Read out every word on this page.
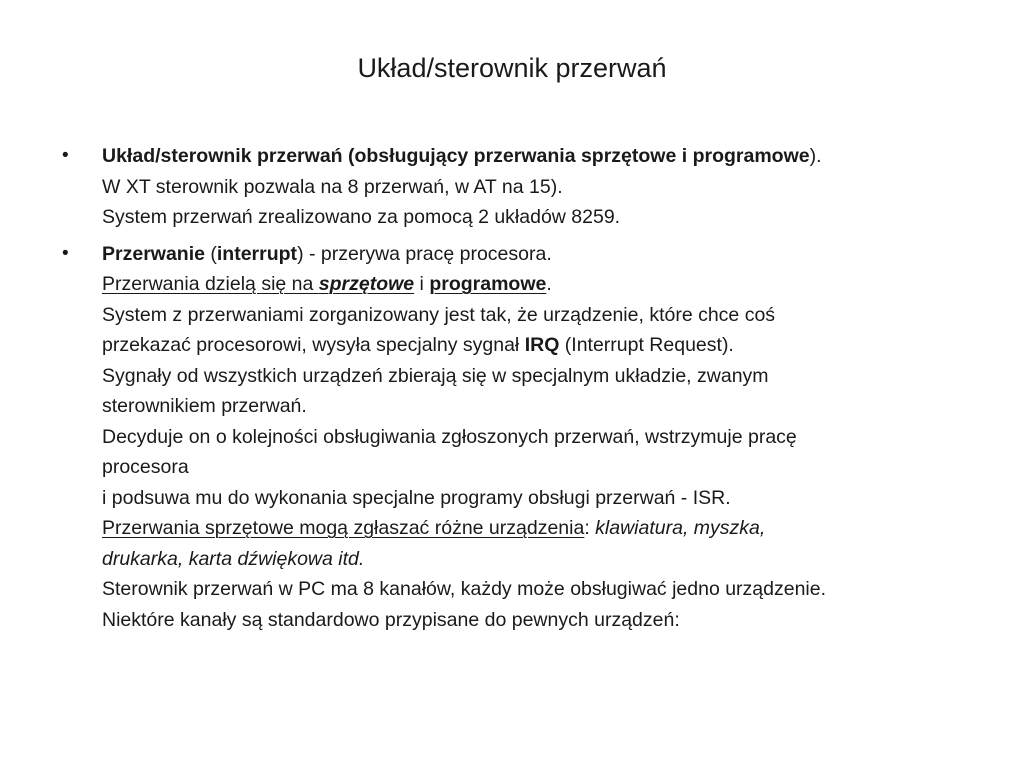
Układ/sterownik przerwań
•	Układ/sterownik przerwań (obsługujący przerwania sprzętowe i programowe).
W XT sterownik pozwala na 8 przerwań, w AT na 15).
System przerwań zrealizowano za pomocą 2 układów 8259.
•	Przerwanie (interrupt) - przerywa pracę procesora.
Przerwania dzielą się na sprzętowe i programowe.
System z przerwaniami zorganizowany jest tak, że urządzenie, które chce coś
przekazać procesorowi, wysyła specjalny sygnał IRQ (Interrupt Request).
Sygnały od wszystkich urządzeń zbierają się w specjalnym układzie, zwanym
sterownikiem przerwań.
Decyduje on o kolejności obsługiwania zgłoszonych przerwań, wstrzymuje pracę
procesora
i podsuwa mu do wykonania specjalne programy obsługi przerwań - ISR.
Przerwania sprzętowe mogą zgłaszać różne urządzenia: klawiatura, myszka,
drukarka, karta dźwiękowa itd.
Sterownik przerwań w PC ma 8 kanałów, każdy może obsługiwać jedno urządzenie.
Niektóre kanały są standardowo przypisane do pewnych urządzeń:
